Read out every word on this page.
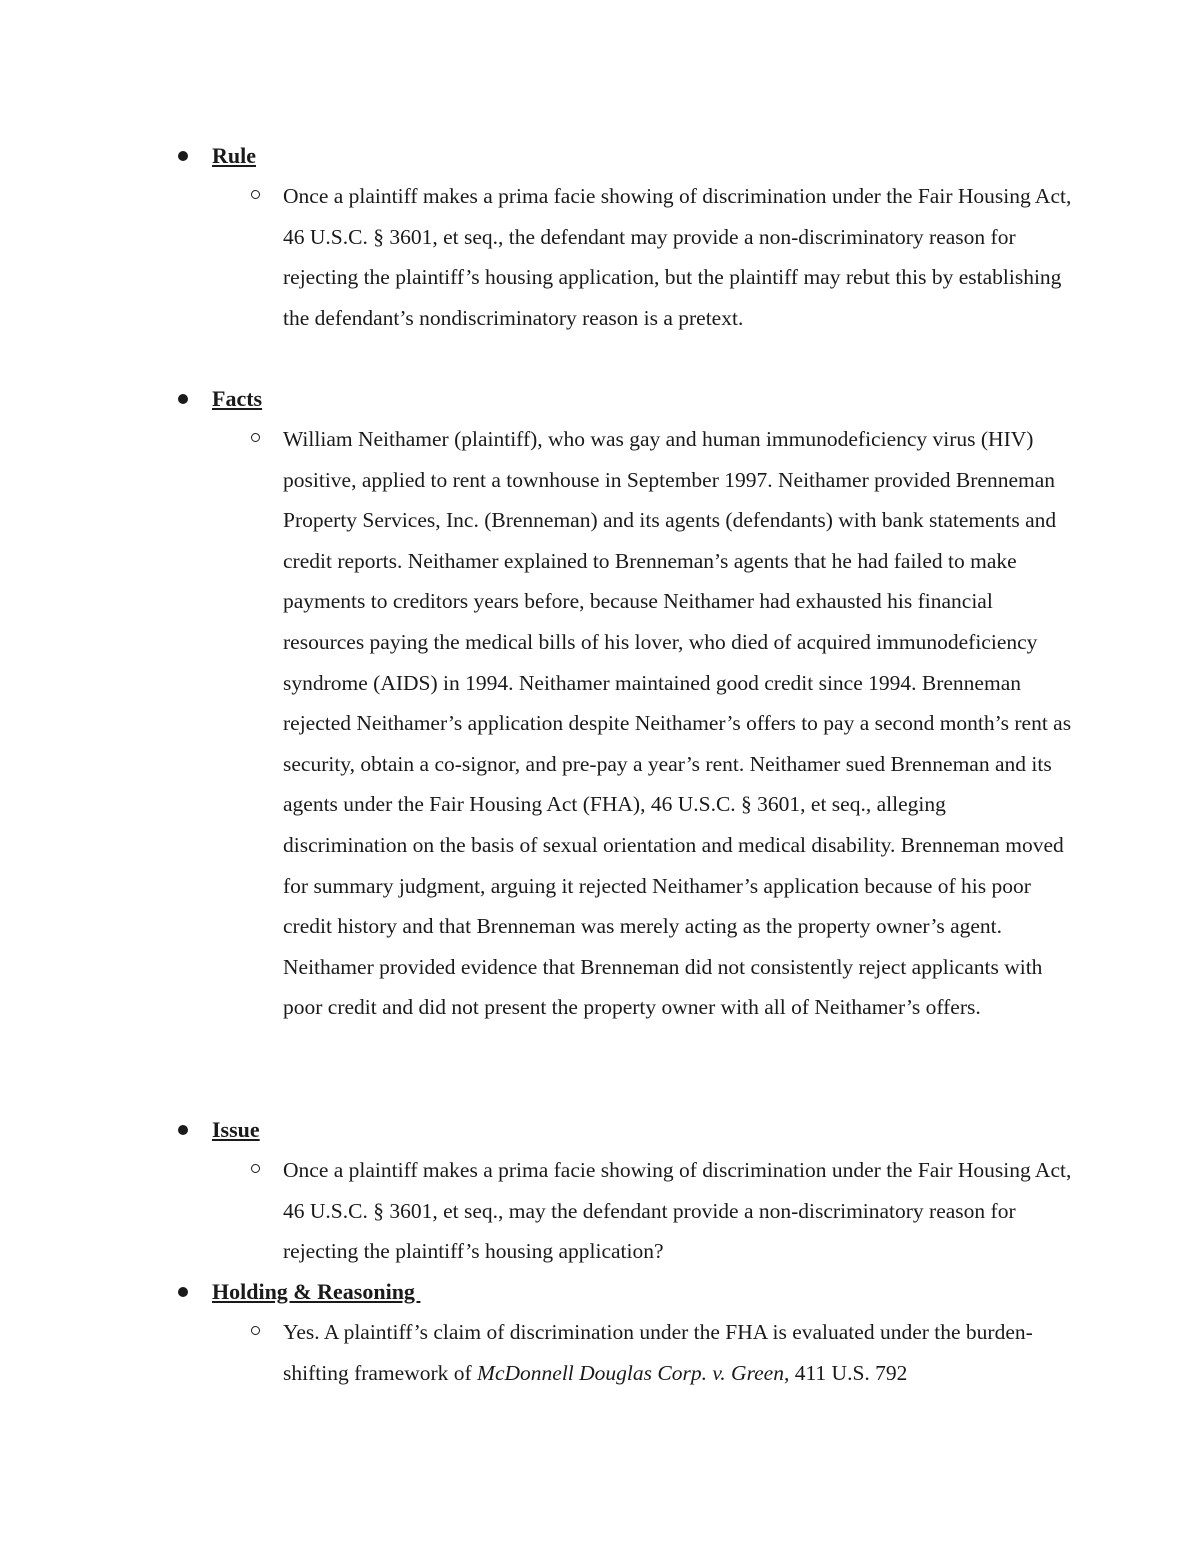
Rule
Once a plaintiff makes a prima facie showing of discrimination under the Fair Housing Act, 46 U.S.C. § 3601, et seq., the defendant may provide a non-discriminatory reason for rejecting the plaintiff’s housing application, but the plaintiff may rebut this by establishing the defendant’s nondiscriminatory reason is a pretext.
Facts
William Neithamer (plaintiff), who was gay and human immunodeficiency virus (HIV) positive, applied to rent a townhouse in September 1997. Neithamer provided Brenneman Property Services, Inc. (Brenneman) and its agents (defendants) with bank statements and credit reports. Neithamer explained to Brenneman’s agents that he had failed to make payments to creditors years before, because Neithamer had exhausted his financial resources paying the medical bills of his lover, who died of acquired immunodeficiency syndrome (AIDS) in 1994. Neithamer maintained good credit since 1994. Brenneman rejected Neithamer’s application despite Neithamer’s offers to pay a second month’s rent as security, obtain a co-signor, and pre-pay a year’s rent. Neithamer sued Brenneman and its agents under the Fair Housing Act (FHA), 46 U.S.C. § 3601, et seq., alleging discrimination on the basis of sexual orientation and medical disability. Brenneman moved for summary judgment, arguing it rejected Neithamer’s application because of his poor credit history and that Brenneman was merely acting as the property owner’s agent. Neithamer provided evidence that Brenneman did not consistently reject applicants with poor credit and did not present the property owner with all of Neithamer’s offers.
Issue
Once a plaintiff makes a prima facie showing of discrimination under the Fair Housing Act, 46 U.S.C. § 3601, et seq., may the defendant provide a non-discriminatory reason for rejecting the plaintiff’s housing application?
Holding & Reasoning
Yes. A plaintiff’s claim of discrimination under the FHA is evaluated under the burden-shifting framework of McDonnell Douglas Corp. v. Green, 411 U.S. 792
